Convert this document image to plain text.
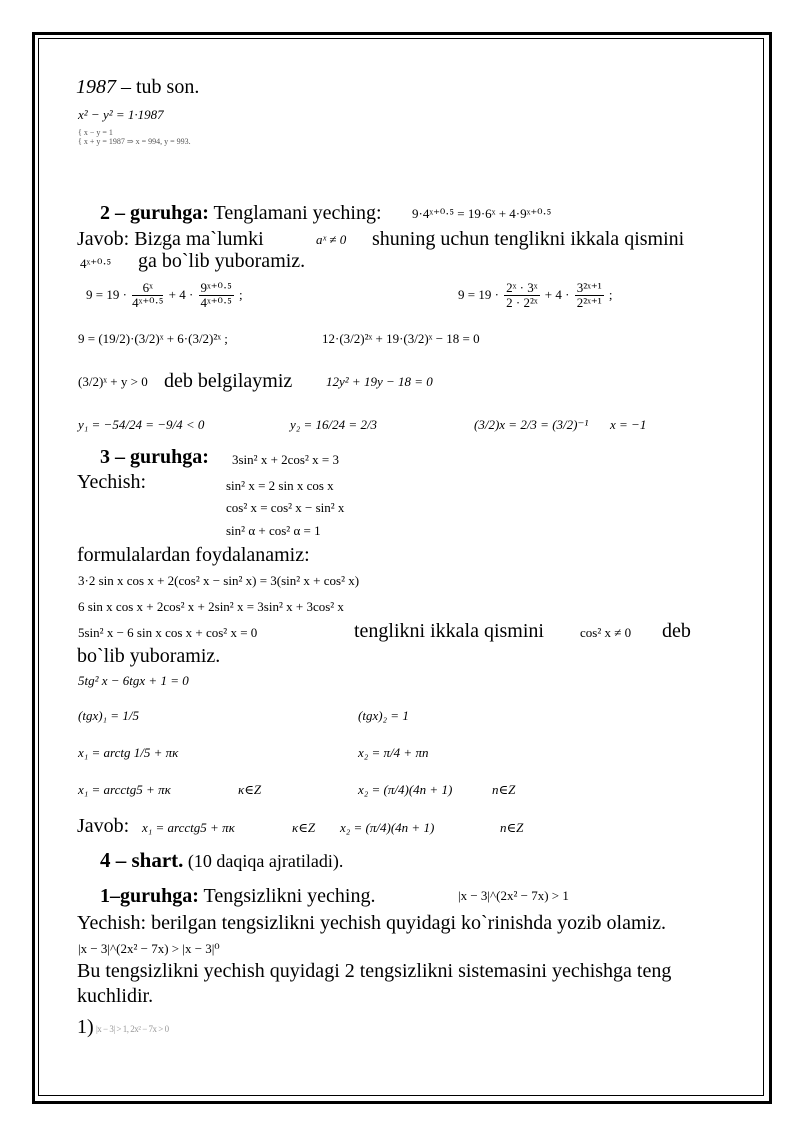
1987 – tub son.
x² − y² = 1·1987
{ x − y = 1
{ x + y = 1987 ⇒ x = 994, y = 993.
2 – guruhga: Tenglamani yeching: 9·4ˣ⁺⁰·⁵ = 19·6ˣ + 4·9ˣ⁺⁰·⁵
Javob: Bizga ma`lumki	aˣ ≠ 0 shuning uchun tenglikni ikkala qismini
4ˣ⁺⁰·⁵ ga bo`lib yuboramiz.
$9 = 19 \cdot \frac{\text{6ˣ}}{\text{4ˣ⁺⁰·⁵}} + 4 \cdot \frac{\text{9ˣ⁺⁰·⁵}}{\text{4ˣ⁺⁰·⁵}}$ ;	$9 = 19 \cdot \frac{\text{2ˣ · 3ˣ}}{\text{2 · 2²ˣ}} + 4 \cdot \frac{\text{3²ˣ⁺¹}}{\text{2²ˣ⁺¹}}$ ;
9 = (19/2)·(3/2)ˣ + 6·(3/2)²ˣ ;	12·(3/2)²ˣ + 19·(3/2)ˣ − 18 = 0
(3/2)ˣ + y > 0 deb belgilaymiz	12y² + 19y − 18 = 0
y₁ = −54/24 = −9/4 < 0	y₂ = 16/24 = 2/3	(3/2)x = 2/3 = (3/2)⁻¹ x = −1
3 – guruhga: 3sin² x + 2cos² x = 3
Yechish:	sin² x = 2 sin x cos x
cos² x = cos² x − sin² x
sin² α + cos² α = 1
formulalardan foydalanamiz:
3·2 sin x cos x + 2(cos² x − sin² x) = 3(sin² x + cos² x)
6 sin x cos x + 2cos² x + 2sin² x = 3sin² x + 3cos² x
5sin² x − 6 sin x cos x + cos² x = 0	tenglikni ikkala qismini	cos² x ≠ 0 deb
bo`lib yuboramiz.
5tg² x − 6tgx + 1 = 0
(tgx)₁ = 1/5	(tgx)₂ = 1
x₁ = arctg 1/5 + πκ	x₂ = π/4 + πn
x₁ = arcctg5 + πκ	κ∈Z	x₂ = (π/4)(4n + 1)	n∈Z
Javob: x₁ = arcctg5 + πκ	κ∈Z x₂ = (π/4)(4n + 1)	n∈Z
4 – shart. (10 daqiqa ajratiladi).
1–guruhga: Tengsizlikni yeching.	|x − 3|^(2x² − 7x) > 1
Yechish: berilgan tengsizlikni yechish quyidagi ko`rinishda yozib olamiz.
|x − 3|^(2x² − 7x) > |x − 3|⁰
Bu tengsizlikni yechish quyidagi 2 tengsizlikni sistemasini yechishga teng
kuchlidir.
1) |x − 3| > 1, 2x² − 7x > 0
